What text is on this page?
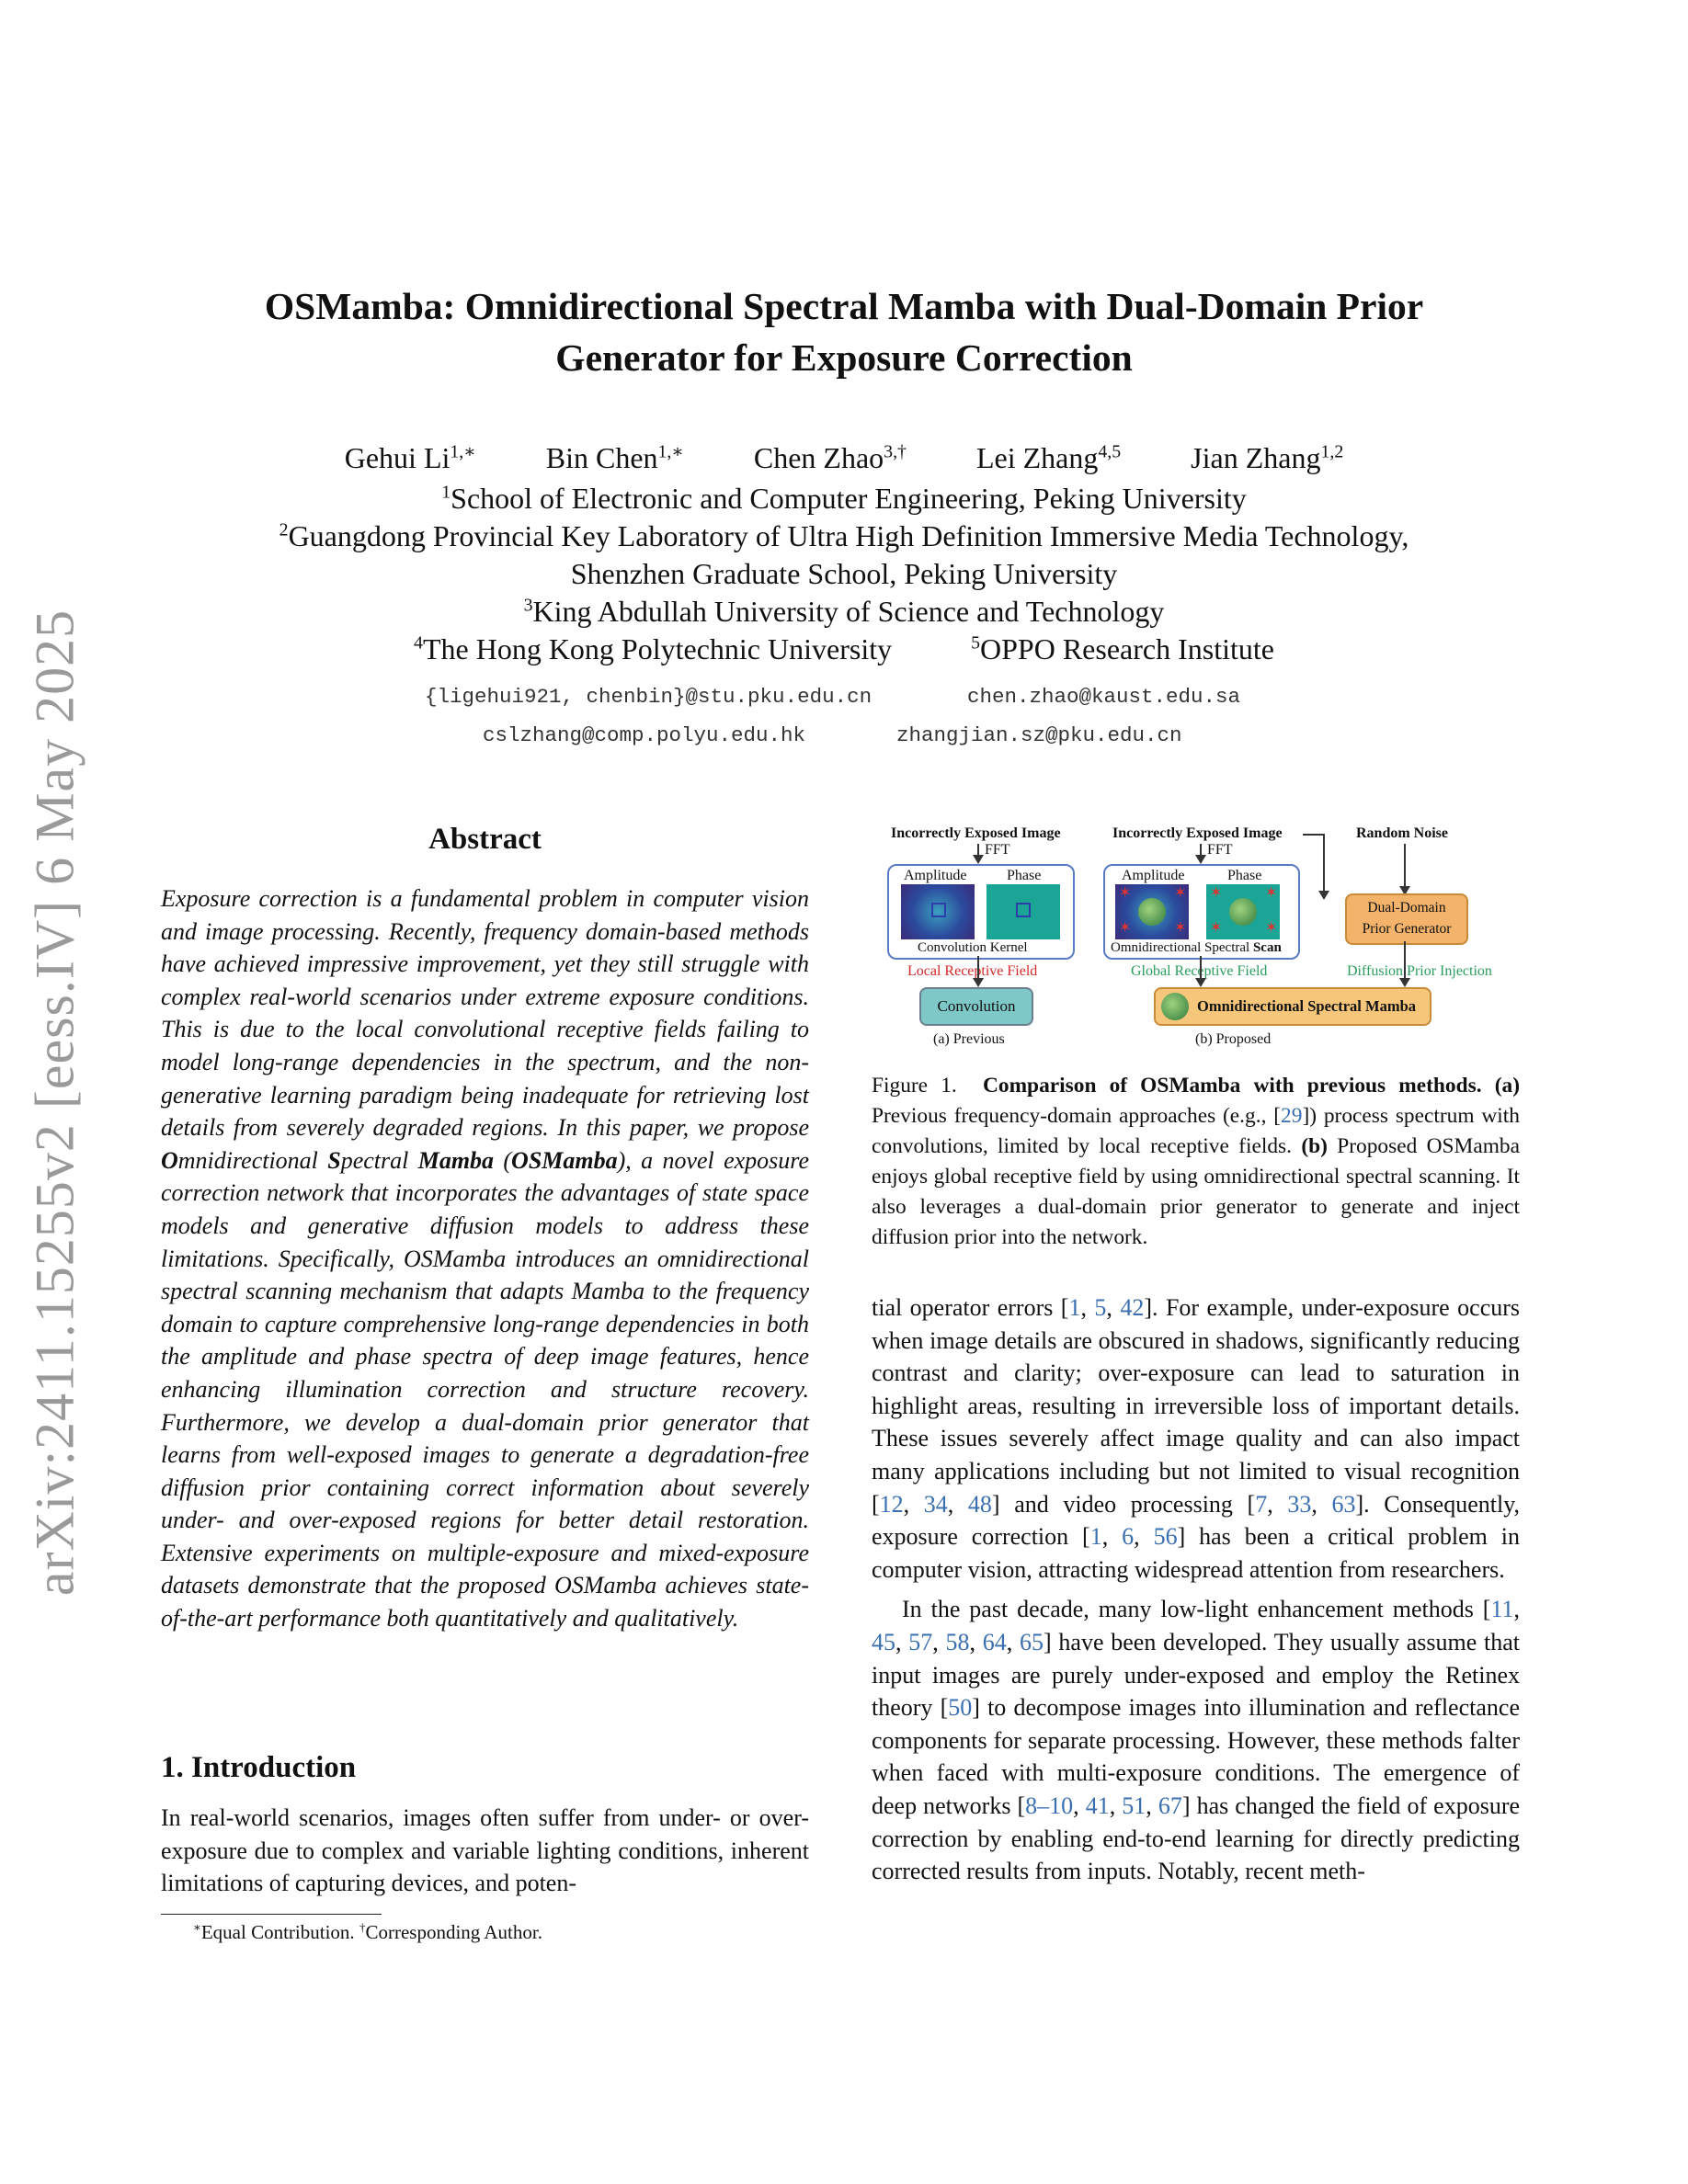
arXiv:2411.15255v2 [eess.IV] 6 May 2025
OSMamba: Omnidirectional Spectral Mamba with Dual-Domain Prior
Generator for Exposure Correction
Gehui $Li^{1,∗}$ Bin Chen$^{1,∗}$ Chen Zhao$^{3,\dagger}$ Lei Zhang$^{4,5}$ Jian Zhang$^{1,2}$
$^1$School of Electronic and Computer Engineering, Peking University
$^2$Guangdong Provincial Key Laboratory of Ultra High Definition Immersive Media Technology,
Shenzhen Graduate School, Peking University
$^3$King Abdullah University of Science and Technology
$^4$The Hong Kong Polytechnic University	$^5$OPPO Research Institute
{ligehui921, chenbin}@stu.pku.edu.cn	chen.zhao@kaust.edu.sa
cslzhang@comp.polyu.edu.hk	zhangjian.sz@pku.edu.cn
Abstract
Exposure correction is a fundamental problem in computer vision and image processing. Recently, frequency domain-based methods have achieved impressive improvement, yet they still struggle with complex real-world scenarios under extreme exposure conditions. This is due to the local convolutional receptive fields failing to model long-range dependencies in the spectrum, and the non-generative learning paradigm being inadequate for retrieving lost details from severely degraded regions. In this paper, we propose Omnidirectional Spectral Mamba (OSMamba), a novel exposure correction network that incorporates the advantages of state space models and generative diffusion models to address these limitations. Specifically, OSMamba introduces an omnidirectional spectral scanning mechanism that adapts Mamba to the frequency domain to capture comprehensive long-range dependencies in both the amplitude and phase spectra of deep image features, hence enhancing illumination correction and structure recovery. Furthermore, we develop a dual-domain prior generator that learns from well-exposed images to generate a degradation-free diffusion prior containing correct information about severely under- and over-exposed regions for better detail restoration. Extensive experiments on multiple-exposure and mixed-exposure datasets demonstrate that the proposed OSMamba achieves state-of-the-art performance both quantitatively and qualitatively.
1. Introduction
In real-world scenarios, images often suffer from under- or over-exposure due to complex and variable lighting conditions, inherent limitations of capturing devices, and poten-
∗Equal Contribution. †Corresponding Author.
Incorrectly Exposed Image
FFT
Amplitude	Phase
Convolution Kernel
Local Receptive Field
Convolution
(a) Previous
Incorrectly Exposed Image	Random Noise
FFT
Amplitude	Phase
✶	✶
✶	✶
✶	✶
✶	✶
Omnidirectional Spectral Scan
Global Receptive Field
Dual-Domain
Prior Generator
Diffusion Prior Injection
Omnidirectional Spectral Mamba
(b) Proposed
Figure 1. Comparison of OSMamba with previous methods. (a) Previous frequency-domain approaches (e.g., [29]) process spectrum with convolutions, limited by local receptive fields. (b) Proposed OSMamba enjoys global receptive field by using omnidirectional spectral scanning. It also leverages a dual-domain prior generator to generate and inject diffusion prior into the network.

tial operator errors [1, 5, 42]. For example, under-exposure occurs when image details are obscured in shadows, significantly reducing contrast and clarity; over-exposure can lead to saturation in highlight areas, resulting in irreversible loss of important details. These issues severely affect image quality and can also impact many applications including but not limited to visual recognition [12, 34, 48] and video processing [7, 33, 63]. Consequently, exposure correction [1, 6, 56] has been a critical problem in computer vision, attracting widespread attention from researchers.

In the past decade, many low-light enhancement methods [11, 45, 57, 58, 64, 65] have been developed. They usually assume that input images are purely under-exposed and employ the Retinex theory [50] to decompose images into illumination and reflectance components for separate processing. However, these methods falter when faced with multi-exposure conditions. The emergence of deep networks [8–10, 41, 51, 67] has changed the field of exposure correction by enabling end-to-end learning for directly predicting corrected results from inputs. Notably, recent meth-
